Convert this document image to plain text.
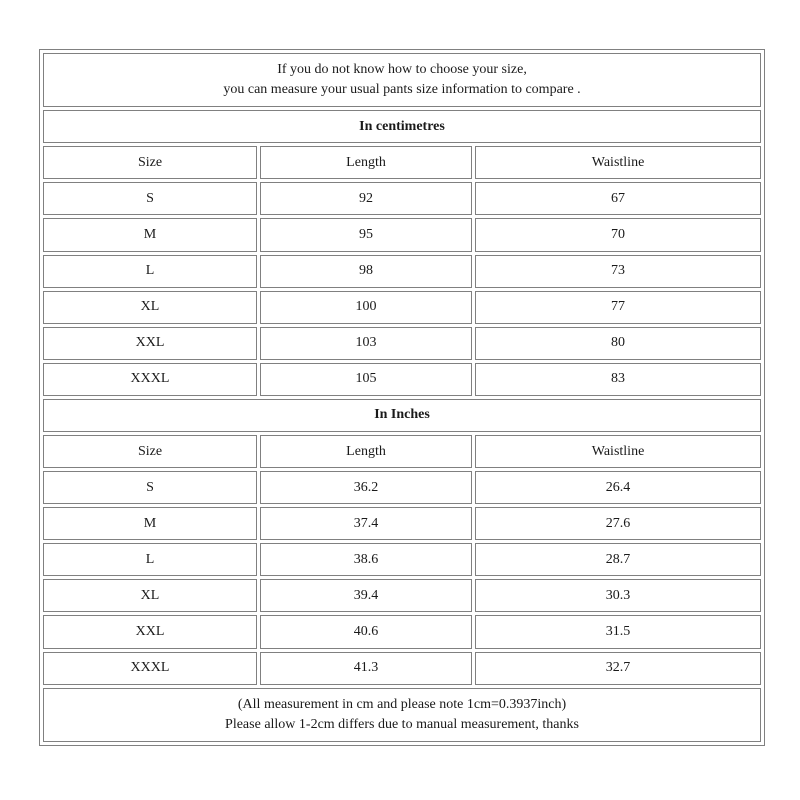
If you do not know how to choose your size,
you can measure your usual pants size information to compare .		

In centimetres		
Size	Length	Waistline
S	92	67
M	95	70
L	98	73
XL	100	77
XXL	103	80
XXXL	105	83
In Inches		
Size	Length	Waistline
S	36.2	26.4
M	37.4	27.6
L	38.6	28.7
XL	39.4	30.3
XXL	40.6	31.5
XXXL	41.3	32.7

(All measurement in cm and please note 1cm=0.3937inch)
Please allow 1-2cm differs due to manual measurement, thanks		
